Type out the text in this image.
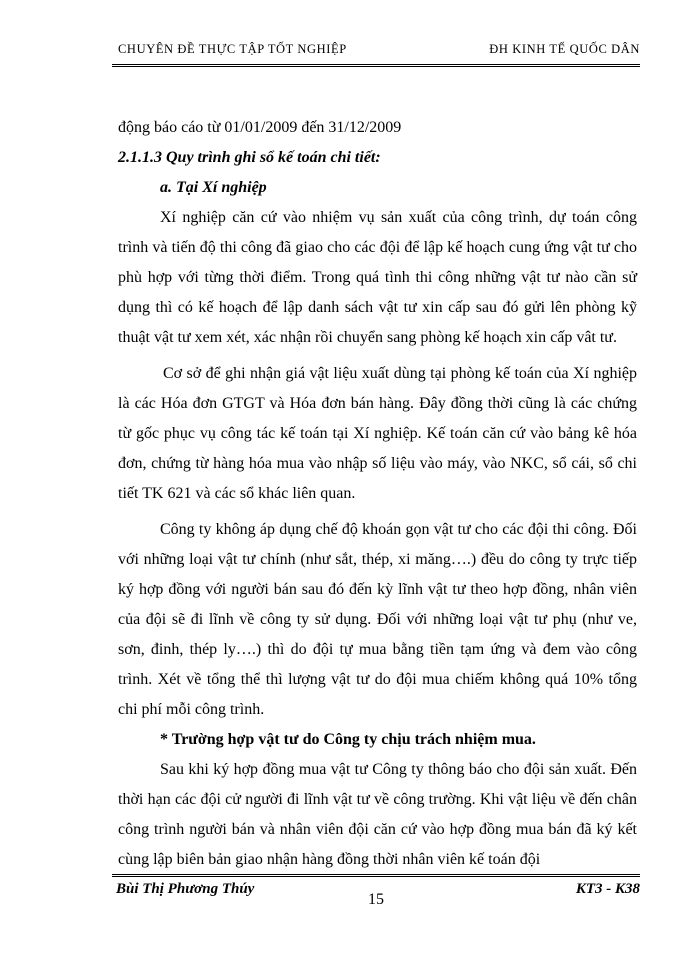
CHUYÊN ĐỀ THỰC TẬP TỐT NGHIỆP	ĐH KINH TẾ QUỐC DÂN

động báo cáo từ 01/01/2009 đến 31/12/2009

2.1.1.3 Quy trình ghi sổ kế toán chi tiết:

a. Tại Xí nghiệp

Xí nghiệp căn cứ vào nhiệm vụ sản xuất của công trình, dự toán công trình và tiến độ thi công đã giao cho các đội để lập kế hoạch cung ứng vật tư cho phù hợp với từng thời điểm. Trong quá tình thi công những vật tư nào cần sử dụng thì có kế hoạch để lập danh sách vật tư xin cấp sau đó gửi lên phòng kỹ thuật vật tư xem xét, xác nhận rồi chuyển sang phòng kế hoạch xin cấp vât tư.

Cơ sở để ghi nhận giá vật liệu xuất dùng tại phòng kế toán của Xí nghiệp là các Hóa đơn GTGT và Hóa đơn bán hàng. Đây đồng thời cũng là các chứng từ gốc phục vụ công tác kế toán tại Xí nghiệp. Kế toán căn cứ vào bảng kê hóa đơn, chứng từ hàng hóa mua vào nhập số liệu vào máy, vào NKC, sổ cái, sổ chi tiết TK 621 và các sổ khác liên quan.

Công ty không áp dụng chế độ khoán gọn vật tư cho các đội thi công. Đối với những loại vật tư chính (như sắt, thép, xi măng….) đều do công ty trực tiếp ký hợp đồng với người bán sau đó đến kỳ lĩnh vật tư theo hợp đồng, nhân viên của đội sẽ đi lĩnh về công ty sử dụng. Đối với những loại vật tư phụ (như ve, sơn, đinh, thép ly….) thì do đội tự mua bằng tiền tạm ứng và đem vào công trình. Xét về tổng thể thì lượng vật tư do đội mua chiếm không quá 10% tổng chi phí mỗi công trình.

* Trường hợp vật tư do Công ty chịu trách nhiệm mua.

Sau khi ký hợp đồng mua vật tư Công ty thông báo cho đội sản xuất. Đến thời hạn các đội cử người đi lĩnh vật tư về công trường. Khi vật liệu về đến chân công trình người bán và nhân viên đội căn cứ vào hợp đồng mua bán đã ký kết cùng lập biên bản giao nhận hàng đồng thời nhân viên kế toán đội

Bùi Thị Phương Thúy
15
KT3 - K38
